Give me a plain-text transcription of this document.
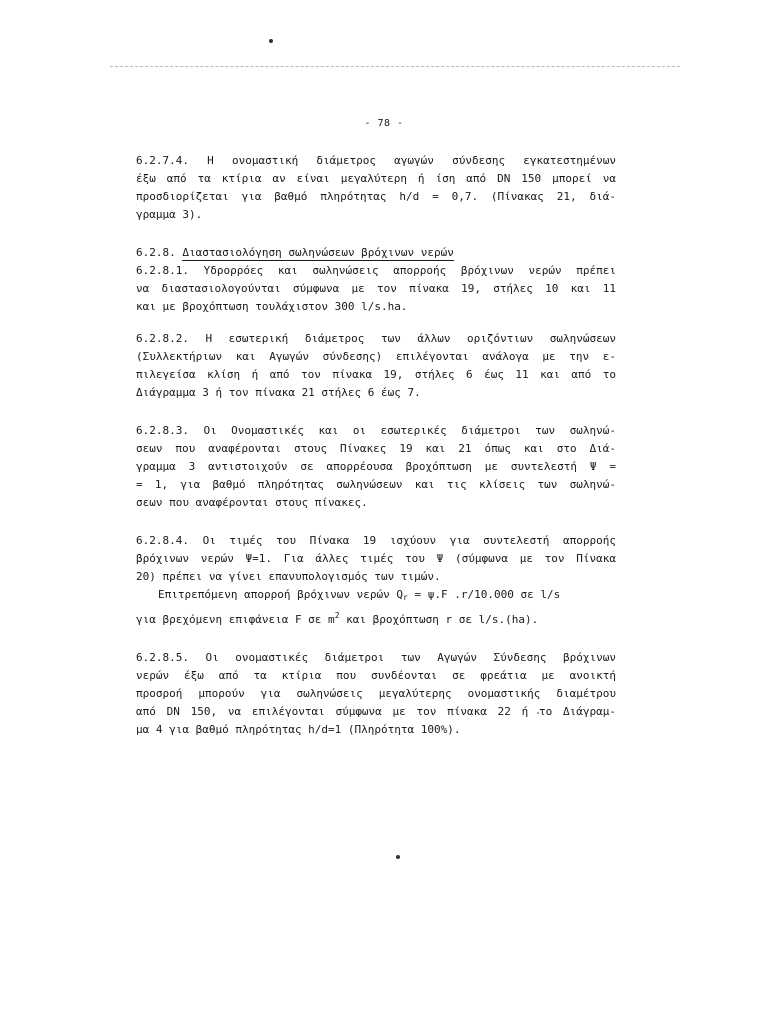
- 78 -
6.2.7.4. Η ονομαστική διάμετρος αγωγών σύνδεσης εγκατεστημένων
έξω από τα κτίρια αν είναι μεγαλύτερη ή ίση από DN 150 μπορεί να
προσδιορίζεται για βαθμό πληρότητας h/d = 0,7. (Πίνακας 21, διά-
γραμμα 3).
6.2.8. Διαστασιολόγηση σωληνώσεων βρόχινων νερών
6.2.8.1. Υδρορρόες και σωληνώσεις απορροής βρόχινων νερών πρέπει
να διαστασιολογούνται σύμφωνα με τον πίνακα 19, στήλες 10 και 11
και με βροχόπτωση τουλάχιστον 300 l/s.ha.
6.2.8.2. Η εσωτερική διάμετρος των άλλων οριζόντιων σωληνώσεων
(Συλλεκτήριων και Αγωγών σύνδεσης) επιλέγονται ανάλογα με την ε-
πιλεγείσα κλίση ή από τον πίνακα 19, στήλες 6 έως 11 και από το
Διάγραμμα 3 ή τον πίνακα 21 στήλες 6 έως 7.
6.2.8.3. Οι Ονομαστικές και οι εσωτερικές διάμετροι των σωληνώ-
σεων που αναφέρονται στους Πίνακες 19 και 21 όπως και στο Διά-
γραμμα 3 αντιστοιχούν σε απορρέουσα βροχόπτωση με συντελεστή Ψ =
= 1, για βαθμό πληρότητας σωληνώσεων και τις κλίσεις των σωληνώ-
σεων που αναφέρονται στους πίνακες.
6.2.8.4. Οι τιμές του Πίνακα 19 ισχύουν για συντελεστή απορροής
βρόχινων νερών Ψ=1. Για άλλες τιμές του Ψ (σύμφωνα με τον Πίνακα
20) πρέπει να γίνει επανυπολογισμός των τιμών.
Επιτρεπόμενη απορροή βρόχινων νερών $Q_r = \psi.F$ .r/10.000 σε l/s
για βρεχόμενη επιφάνεια F σε $m^2$ και βροχόπτωση r σε l/s.(ha).
6.2.8.5. Οι ονομαστικές διάμετροι των Αγωγών Σύνδεσης βρόχινων
νερών έξω από τα κτίρια που συνδέονται σε φρεάτια με ανοικτή
προσροή μπορούν για σωληνώσεις μεγαλύτερης ονομαστικής διαμέτρου
από DN 150, να επιλέγονται σύμφωνα με τον πίνακα 22 ή το Διάγραμ-
μα 4 για βαθμό πληρότητας h/d=1 (Πληρότητα 100%).
